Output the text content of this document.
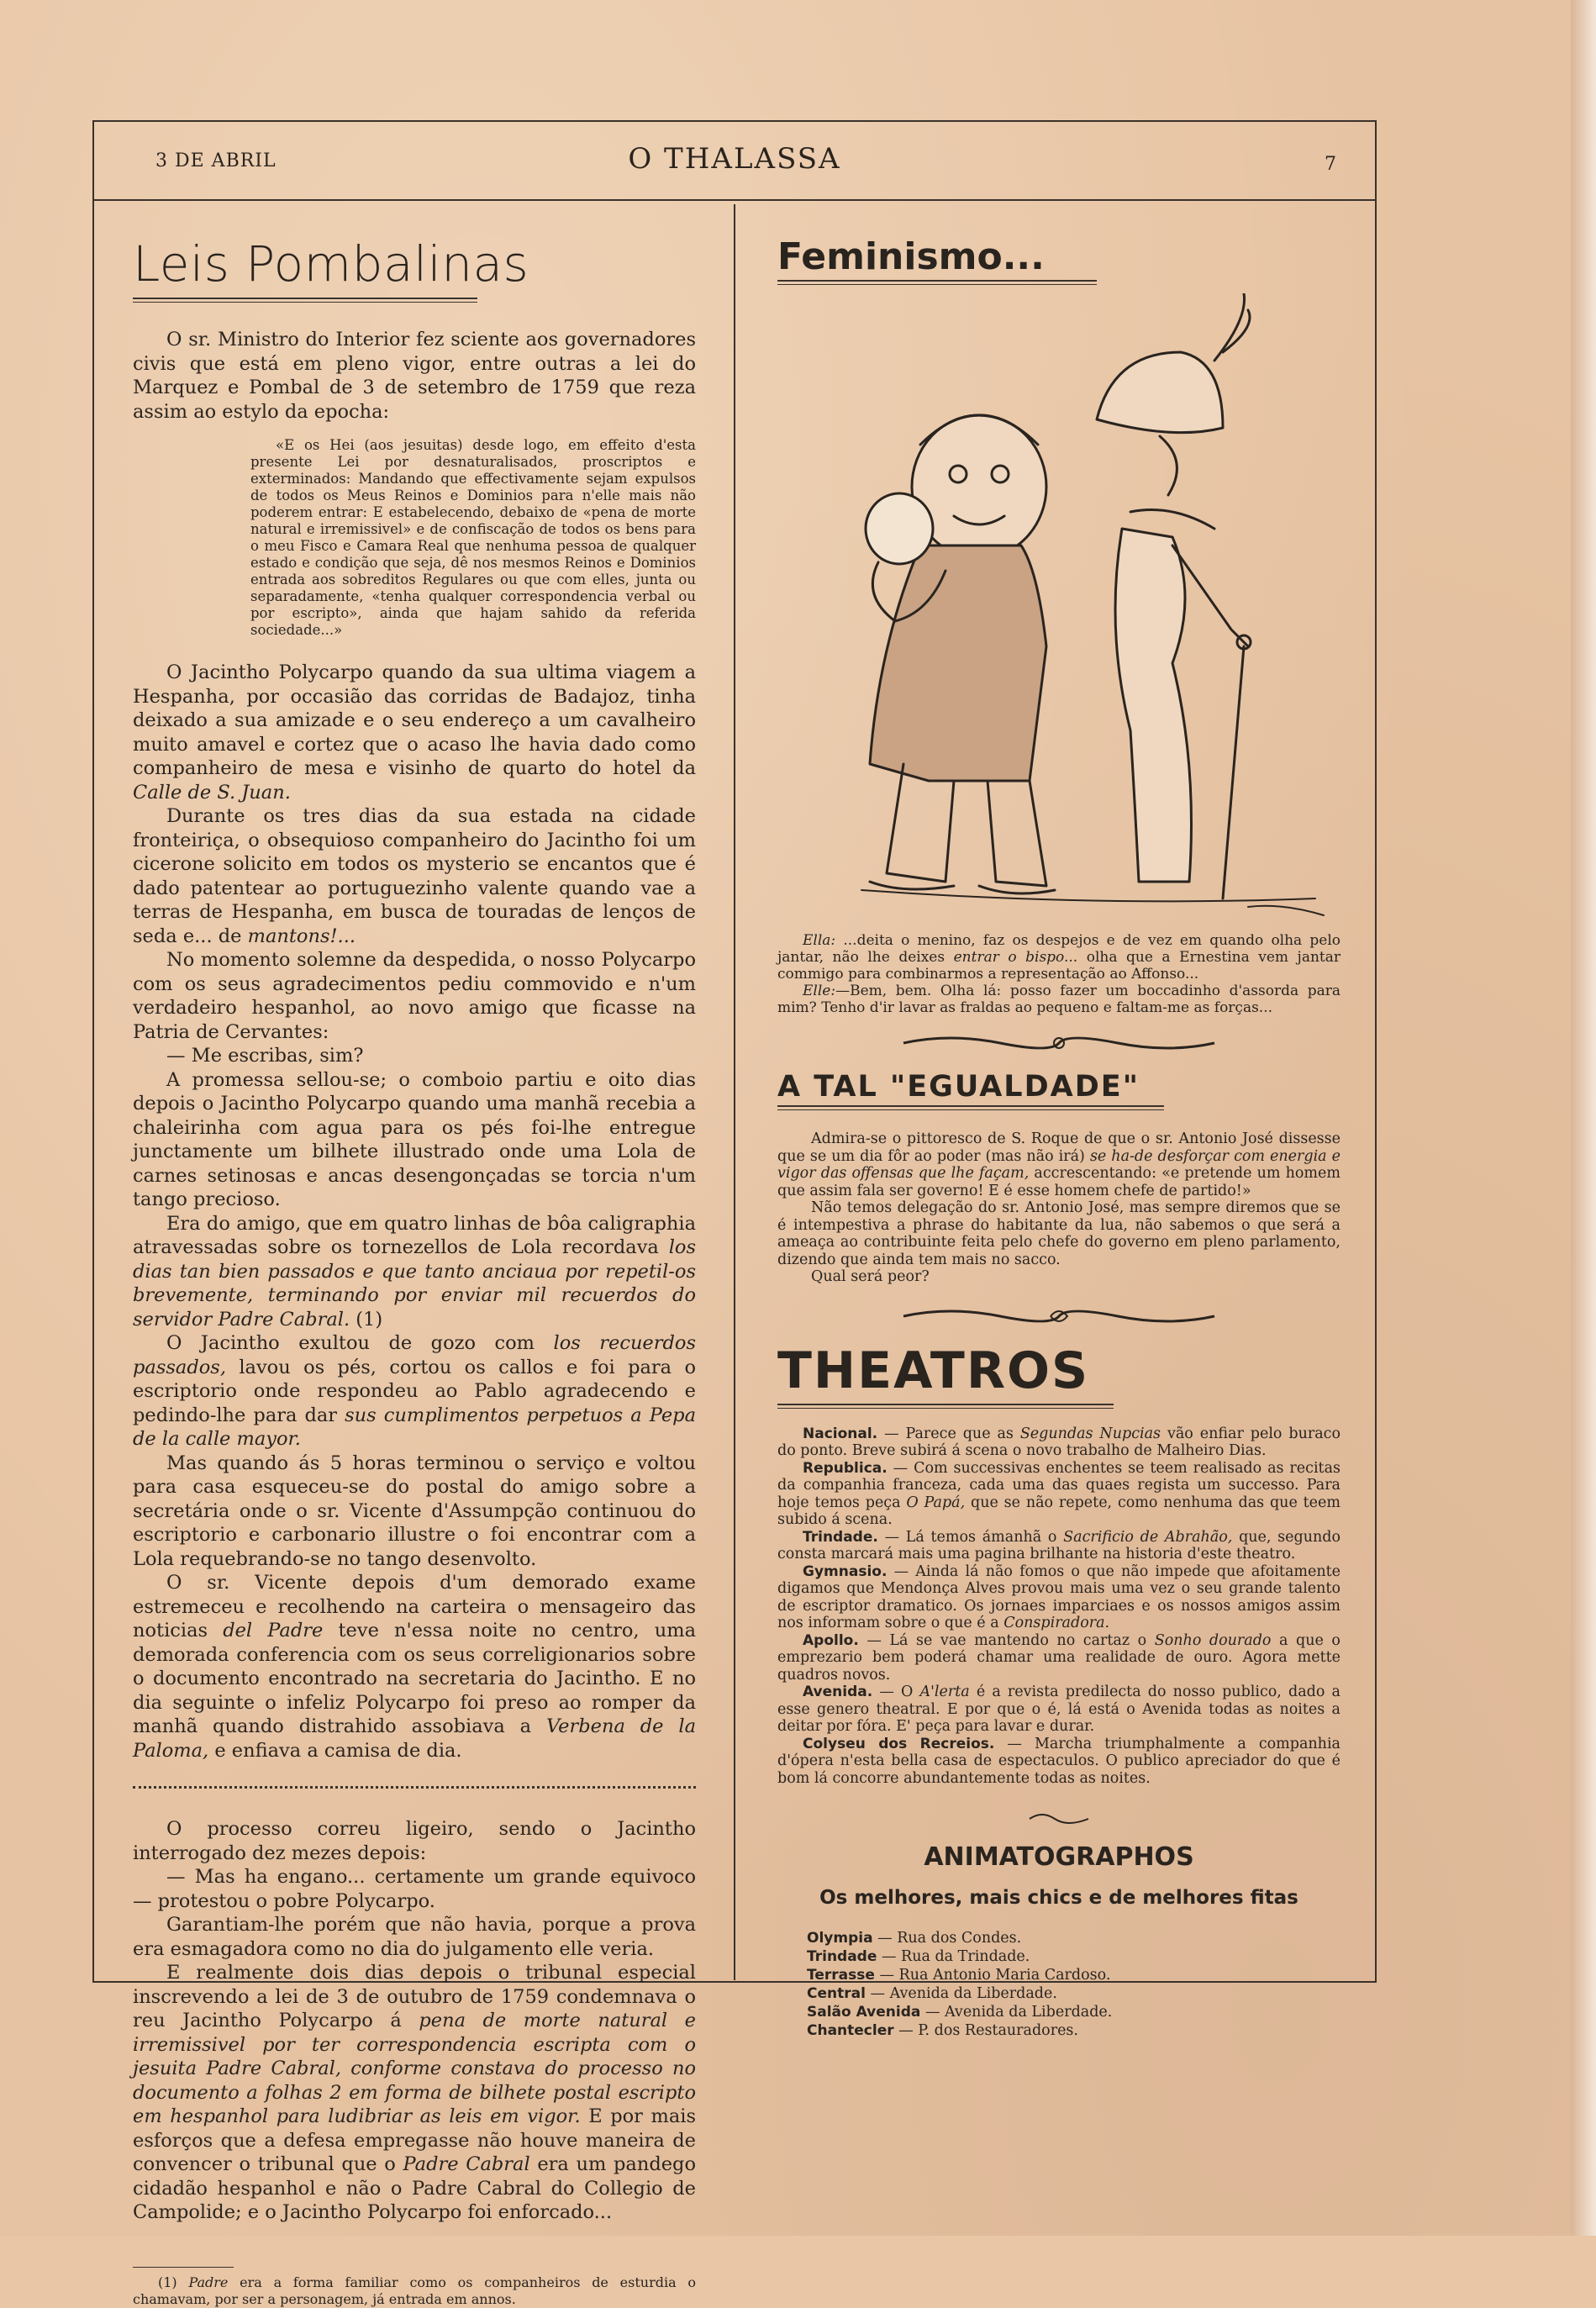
3 DE ABRIL	O THALASSA	7
Leis Pombalinas

O sr. Ministro do Interior fez sciente aos governadores civis que está em pleno vigor, entre outras a lei do Marquez e Pombal de 3 de setembro de 1759 que reza assim ao estylo da epocha:

«E os Hei (aos jesuitas) desde logo, em effeito d'esta presente Lei por desnaturalisados, proscriptos e exterminados: Mandando que effectivamente sejam expulsos de todos os Meus Reinos e Dominios para n'elle mais não poderem entrar: E estabelecendo, debaixo de «pena de morte natural e irremissivel» e de confiscação de todos os bens para o meu Fisco e Camara Real que nenhuma pessoa de qualquer estado e condição que seja, dê nos mesmos Reinos e Dominios entrada aos sobreditos Regulares ou que com elles, junta ou separadamente, «tenha qualquer correspondencia verbal ou por escripto», ainda que hajam sahido da referida sociedade...»

O Jacintho Polycarpo quando da sua ultima viagem a Hespanha, por occasião das corridas de Badajoz, tinha deixado a sua amizade e o seu endereço a um cavalheiro muito amavel e cortez que o acaso lhe havia dado como companheiro de mesa e visinho de quarto do hotel da Calle de S. Juan.

Durante os tres dias da sua estada na cidade fronteiriça, o obsequioso companheiro do Jacintho foi um cicerone solicito em todos os mysterio se encantos que é dado patentear ao portuguezinho valente quando vae a terras de Hespanha, em busca de touradas de lenços de seda e... de mantons!...

No momento solemne da despedida, o nosso Polycarpo com os seus agradecimentos pediu commovido e n'um verdadeiro hespanhol, ao novo amigo que ficasse na Patria de Cervantes:

— Me escribas, sim?

A promessa sellou-se; o comboio partiu e oito dias depois o Jacintho Polycarpo quando uma manhã recebia a chaleirinha com agua para os pés foi-lhe entregue junctamente um bilhete illustrado onde uma Lola de carnes setinosas e ancas desengonçadas se torcia n'um tango precioso.

Era do amigo, que em quatro linhas de bôa caligraphia atravessadas sobre os tornezellos de Lola recordava los dias tan bien passados e que tanto anciaua por repetil-os brevemente, terminando por enviar mil recuerdos do servidor Padre Cabral. (1)

O Jacintho exultou de gozo com los recuerdos passados, lavou os pés, cortou os callos e foi para o escriptorio onde respondeu ao Pablo agradecendo e pedindo-lhe para dar sus cumplimentos perpetuos a Pepa de la calle mayor.

Mas quando ás 5 horas terminou o serviço e voltou para casa esqueceu-se do postal do amigo sobre a secretária onde o sr. Vicente d'Assumpção continuou do escriptorio e carbonario illustre o foi encontrar com a Lola requebrando-se no tango desenvolto.

O sr. Vicente depois d'um demorado exame estremeceu e recolhendo na carteira o mensageiro das noticias del Padre teve n'essa noite no centro, uma demorada conferencia com os seus correligionarios sobre o documento encontrado na secretaria do Jacintho. E no dia seguinte o infeliz Polycarpo foi preso ao romper da manhã quando distrahido assobiava a Verbena de la Paloma, e enfiava a camisa de dia.

O processo correu ligeiro, sendo o Jacintho interrogado dez mezes depois:

— Mas ha engano... certamente um grande equivoco — protestou o pobre Polycarpo.

Garantiam-lhe porém que não havia, porque a prova era esmagadora como no dia do julgamento elle veria.

E realmente dois dias depois o tribunal especial inscrevendo a lei de 3 de outubro de 1759 condemnava o reu Jacintho Polycarpo á pena de morte natural e irremissivel por ter correspondencia escripta com o jesuita Padre Cabral, conforme constava do processo no documento a folhas 2 em forma de bilhete postal escripto em hespanhol para ludibriar as leis em vigor. E por mais esforços que a defesa empregasse não houve maneira de convencer o tribunal que o Padre Cabral era um pandego cidadão hespanhol e não o Padre Cabral do Collegio de Campolide; e o Jacintho Polycarpo foi enforcado...

(1) Padre era a forma familiar como os companheiros de esturdia o chamavam, por ser a personagem, já entrada em annos.

Feminismo...

Ella: ...deita o menino, faz os despejos e de vez em quando olha pelo jantar, não lhe deixes entrar o bispo... olha que a Ernestina vem jantar commigo para combinarmos a representação ao Affonso...

Elle:—Bem, bem. Olha lá: posso fazer um boccadinho d'assorda para mim? Tenho d'ir lavar as fraldas ao pequeno e faltam-me as forças...

A TAL "EGUALDADE"

Admira-se o pittoresco de S. Roque de que o sr. Antonio José dissesse que se um dia fôr ao poder (mas não irá) se ha-de desforçar com energia e vigor das offensas que lhe façam, accrescentando: «e pretende um homem que assim fala ser governo! E é esse homem chefe de partido!»

Não temos delegação do sr. Antonio José, mas sempre diremos que se é intempestiva a phrase do habitante da lua, não sabemos o que será a ameaça ao contribuinte feita pelo chefe do governo em pleno parlamento, dizendo que ainda tem mais no sacco.

Qual será peor?

THEATROS

Nacional. — Parece que as Segundas Nupcias vão enfiar pelo buraco do ponto. Breve subirá á scena o novo trabalho de Malheiro Dias.

Republica. — Com successivas enchentes se teem realisado as recitas da companhia franceza, cada uma das quaes regista um successo. Para hoje temos peça O Papá, que se não repete, como nenhuma das que teem subido á scena.

Trindade. — Lá temos ámanhã o Sacrificio de Abrahão, que, segundo consta marcará mais uma pagina brilhante na historia d'este theatro.

Gymnasio. — Ainda lá não fomos o que não impede que afoitamente digamos que Mendonça Alves provou mais uma vez o seu grande talento de escriptor dramatico. Os jornaes imparciaes e os nossos amigos assim nos informam sobre o que é a Conspiradora.

Apollo. — Lá se vae mantendo no cartaz o Sonho dourado a que o emprezario bem poderá chamar uma realidade de ouro. Agora mette quadros novos.

Avenida. — O A'lerta é a revista predilecta do nosso publico, dado a esse genero theatral. E por que o é, lá está o Avenida todas as noites a deitar por fóra. E' peça para lavar e durar.

Colyseu dos Recreios. — Marcha triumphalmente a companhia d'ópera n'esta bella casa de espectaculos. O publico apreciador do que é bom lá concorre abundantemente todas as noites.

ANIMATOGRAPHOS
Os melhores, mais chics e de melhores fitas
Olympia — Rua dos Condes.
Trindade — Rua da Trindade.
Terrasse — Rua Antonio Maria Cardoso.
Central — Avenida da Liberdade.
Salão Avenida — Avenida da Liberdade.
Chantecler — P. dos Restauradores.
